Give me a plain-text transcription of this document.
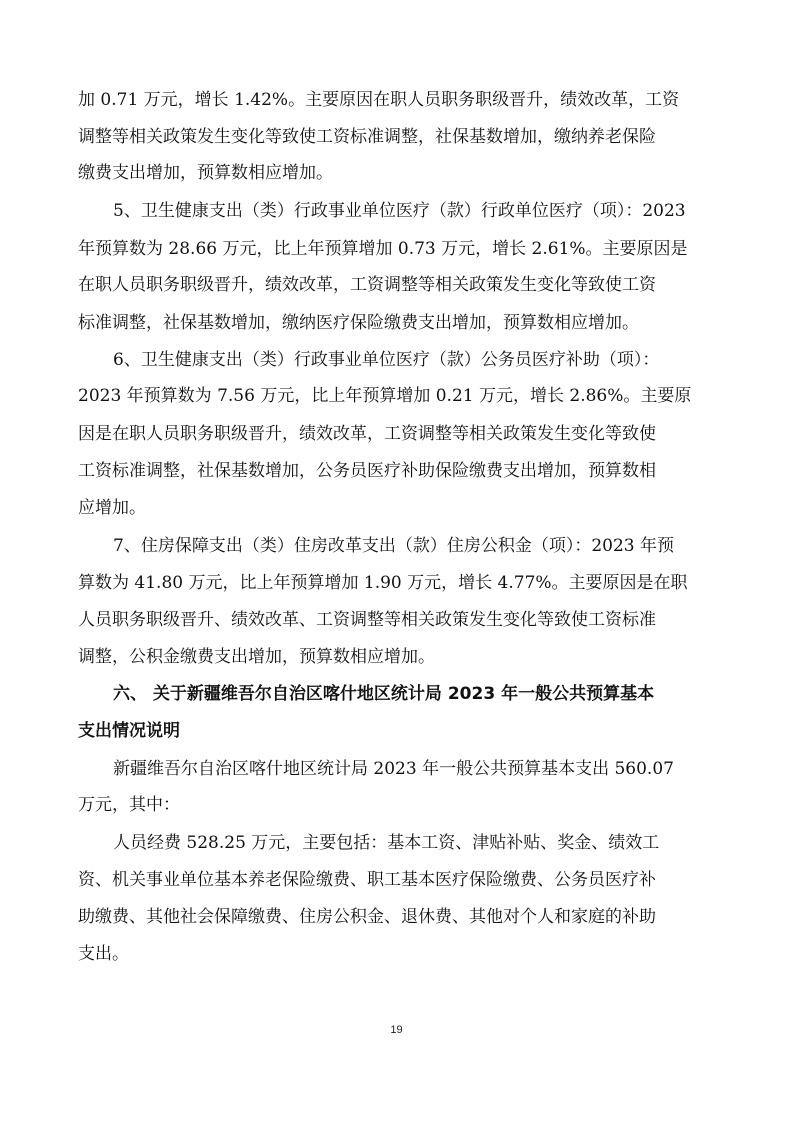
加 0.71 万元，增长 1.42%。主要原因在职人员职务职级晋升，绩效改革，工资
调整等相关政策发生变化等致使工资标准调整，社保基数增加，缴纳养老保险
缴费支出增加，预算数相应增加。
5、卫生健康支出（类）行政事业单位医疗（款）行政单位医疗（项）：2023
年预算数为 28.66 万元，比上年预算增加 0.73 万元，增长 2.61%。主要原因是
在职人员职务职级晋升，绩效改革，工资调整等相关政策发生变化等致使工资
标准调整，社保基数增加，缴纳医疗保险缴费支出增加，预算数相应增加。
6、卫生健康支出（类）行政事业单位医疗（款）公务员医疗补助（项）：
2023 年预算数为 7.56 万元，比上年预算增加 0.21 万元，增长 2.86%。主要原
因是在职人员职务职级晋升，绩效改革，工资调整等相关政策发生变化等致使
工资标准调整，社保基数增加，公务员医疗补助保险缴费支出增加，预算数相
应增加。
7、住房保障支出（类）住房改革支出（款）住房公积金（项）：2023 年预
算数为 41.80 万元，比上年预算增加 1.90 万元，增长 4.77%。主要原因是在职
人员职务职级晋升、绩效改革、工资调整等相关政策发生变化等致使工资标准
调整，公积金缴费支出增加，预算数相应增加。
六、 关于新疆维吾尔自治区喀什地区统计局 2023 年一般公共预算基本
支出情况说明
新疆维吾尔自治区喀什地区统计局 2023 年一般公共预算基本支出 560.07
万元，其中：
人员经费 528.25 万元，主要包括：基本工资、津贴补贴、奖金、绩效工
资、机关事业单位基本养老保险缴费、职工基本医疗保险缴费、公务员医疗补
助缴费、其他社会保障缴费、住房公积金、退休费、其他对个人和家庭的补助
支出。
19
